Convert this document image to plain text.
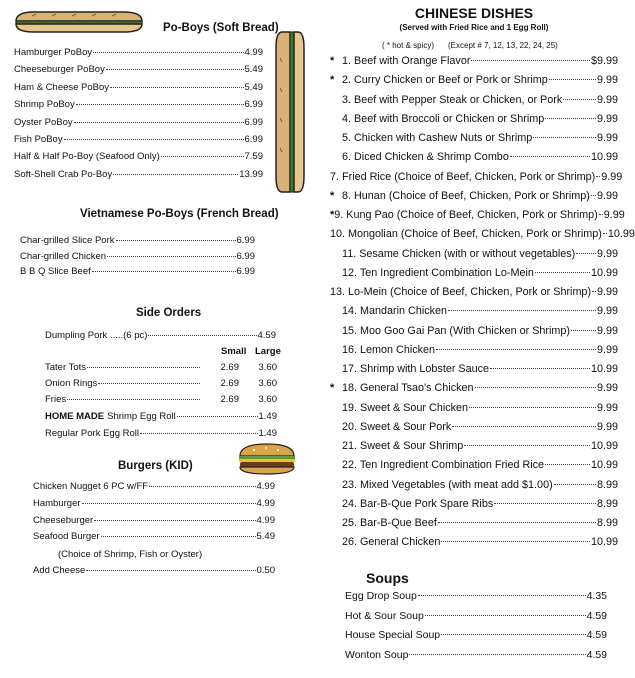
Po-Boys (Soft Bread)
Hamburger PoBoy	4.99
Cheeseburger PoBoy	5.49
Ham & Cheese PoBoy	5.49
Shrimp PoBoy	6.99
Oyster PoBoy	6.99
Fish PoBoy	6.99
Half & Half Po-Boy (Seafood Only)	7.59
Soft-Shell Crab Po-Boy	13.99
Vietnamese Po-Boys (French Bread)
Char-grilled Slice Pork	6.99
Char-grilled Chicken	6.99
B B Q Slice Beef	6.99
Side Orders
Dumpling Pork .....(6 pc)	4.59
Small Large
Tater Tots	2.69	3.60
Onion Rings	2.69	3.60
Fries	2.69	3.60
HOME MADE Shrimp Egg Roll	1.49
Regular Pork Egg Roll	1.49
Burgers (KID)
Chicken Nugget 6 PC w/FF	4.99
Hamburger	4.99
Cheeseburger	4.99
Seafood Burger	5.49
(Choice of Shrimp, Fish or Oyster)
Add Cheese	0.50
CHINESE DISHES
(Served with Fried Rice and 1 Egg Roll)
( * hot & spicy) (Except # 7, 12, 13, 22, 24, 25)
* 1. Beef with Orange Flavor	$9.99
* 2. Curry Chicken or Beef or Pork or Shrimp	9.99
3. Beef with Pepper Steak or Chicken, or Pork	9.99
4. Beef with Broccoli or Chicken or Shrimp	9.99
5. Chicken with Cashew Nuts or Shrimp	9.99
6. Diced Chicken & Shrimp Combo	10.99
7. Fried Rice (Choice of Beef, Chicken, Pork or Shrimp) 9.99
* 8. Hunan (Choice of Beef, Chicken, Pork or Shrimp) 9.99
* 9. Kung Pao (Choice of Beef, Chicken, Pork or Shrimp) 9.99
10. Mongolian (Choice of Beef, Chicken, Pork or Shrimp) 10.99
11. Sesame Chicken (with or without vegetables) 9.99
12. Ten Ingredient Combination Lo-Mein	10.99
13. Lo-Mein (Choice of Beef, Chicken, Pork or Shrimp) 9.99
14. Mandarin Chicken	9.99
15. Moo Goo Gai Pan (With Chicken or Shrimp) 9.99
16. Lemon Chicken	9.99
17. Shrimp with Lobster Sauce	10.99
* 18. General Tsao's Chicken	9.99
19. Sweet & Sour Chicken	9.99
20. Sweet & Sour Pork	9.99
21. Sweet & Sour Shrimp	10.99
22. Ten Ingredient Combination Fried Rice	10.99
23. Mixed Vegetables (with meat add $1.00)	8.99
24. Bar-B-Que Pork Spare Ribs	8.99
25. Bar-B-Que Beef	8.99
26. General Chicken	10.99
Soups
Egg Drop Soup	4.35
Hot & Sour Soup	4.59
House Special Soup	4.59
Wonton Soup	4.59
